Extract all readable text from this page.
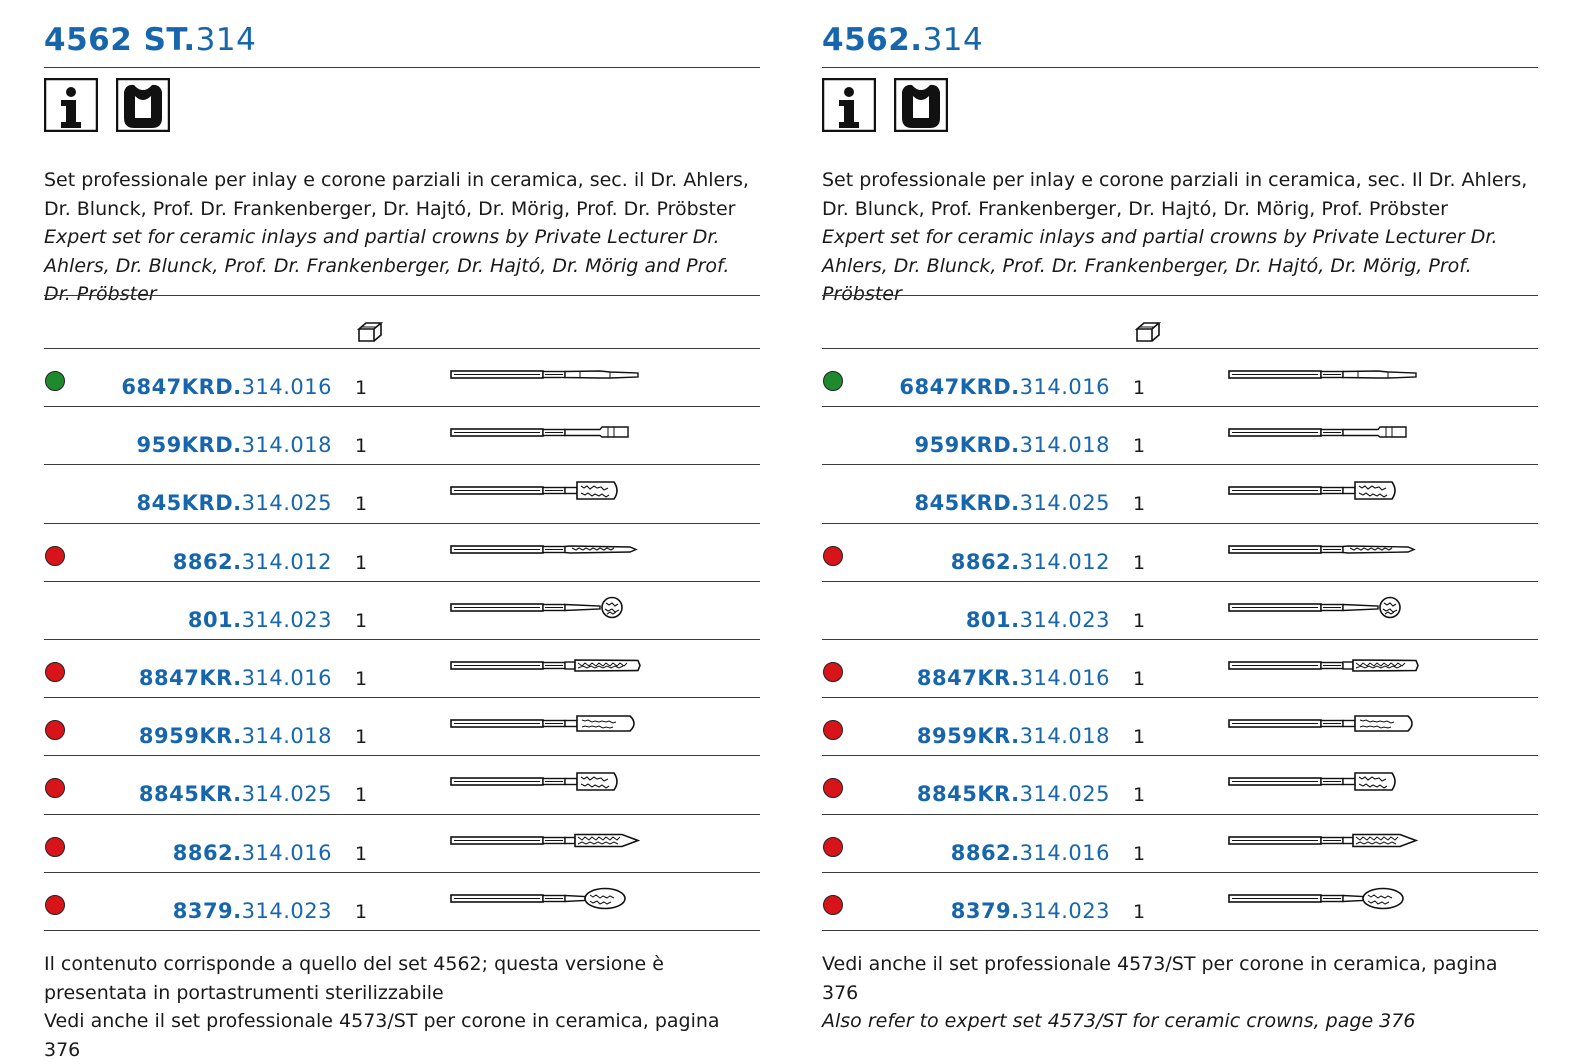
4562 ST.314

Set professionale per inlay e corone parziali in ceramica, sec. il Dr. Ahlers, Dr. Blunck, Prof. Dr. Frankenberger, Dr. Hajtó, Dr. Mörig, Prof. Dr. Pröbster

Expert set for ceramic inlays and partial crowns by Private Lecturer Dr. Ahlers, Dr. Blunck, Prof. Dr. Frankenberger, Dr. Hajtó, Dr. Mörig and Prof. Dr. Pröbster

6847KRD.314.016 1
959KRD.314.018 1
845KRD.314.025 1
8862.314.012 1
801.314.023 1
8847KR.314.016 1
8959KR.314.018 1
8845KR.314.025 1
8862.314.016 1
8379.314.023 1

Il contenuto corrisponde a quello del set 4562; questa versione è presentata in portastrumenti sterilizzabile

Vedi anche il set professionale 4573/ST per corone in ceramica, pagina 376

4562.314

Set professionale per inlay e corone parziali in ceramica, sec. Il Dr. Ahlers, Dr. Blunck, Prof. Frankenberger, Dr. Hajtó, Dr. Mörig, Prof. Pröbster

Expert set for ceramic inlays and partial crowns by Private Lecturer Dr. Ahlers, Dr. Blunck, Prof. Dr. Frankenberger, Dr. Hajtó, Dr. Mörig, Prof. Pröbster

6847KRD.314.016 1
959KRD.314.018 1
845KRD.314.025 1
8862.314.012 1
801.314.023 1
8847KR.314.016 1
8959KR.314.018 1
8845KR.314.025 1
8862.314.016 1
8379.314.023 1

Vedi anche il set professionale 4573/ST per corone in ceramica, pagina 376

Also refer to expert set 4573/ST for ceramic crowns, page 376
